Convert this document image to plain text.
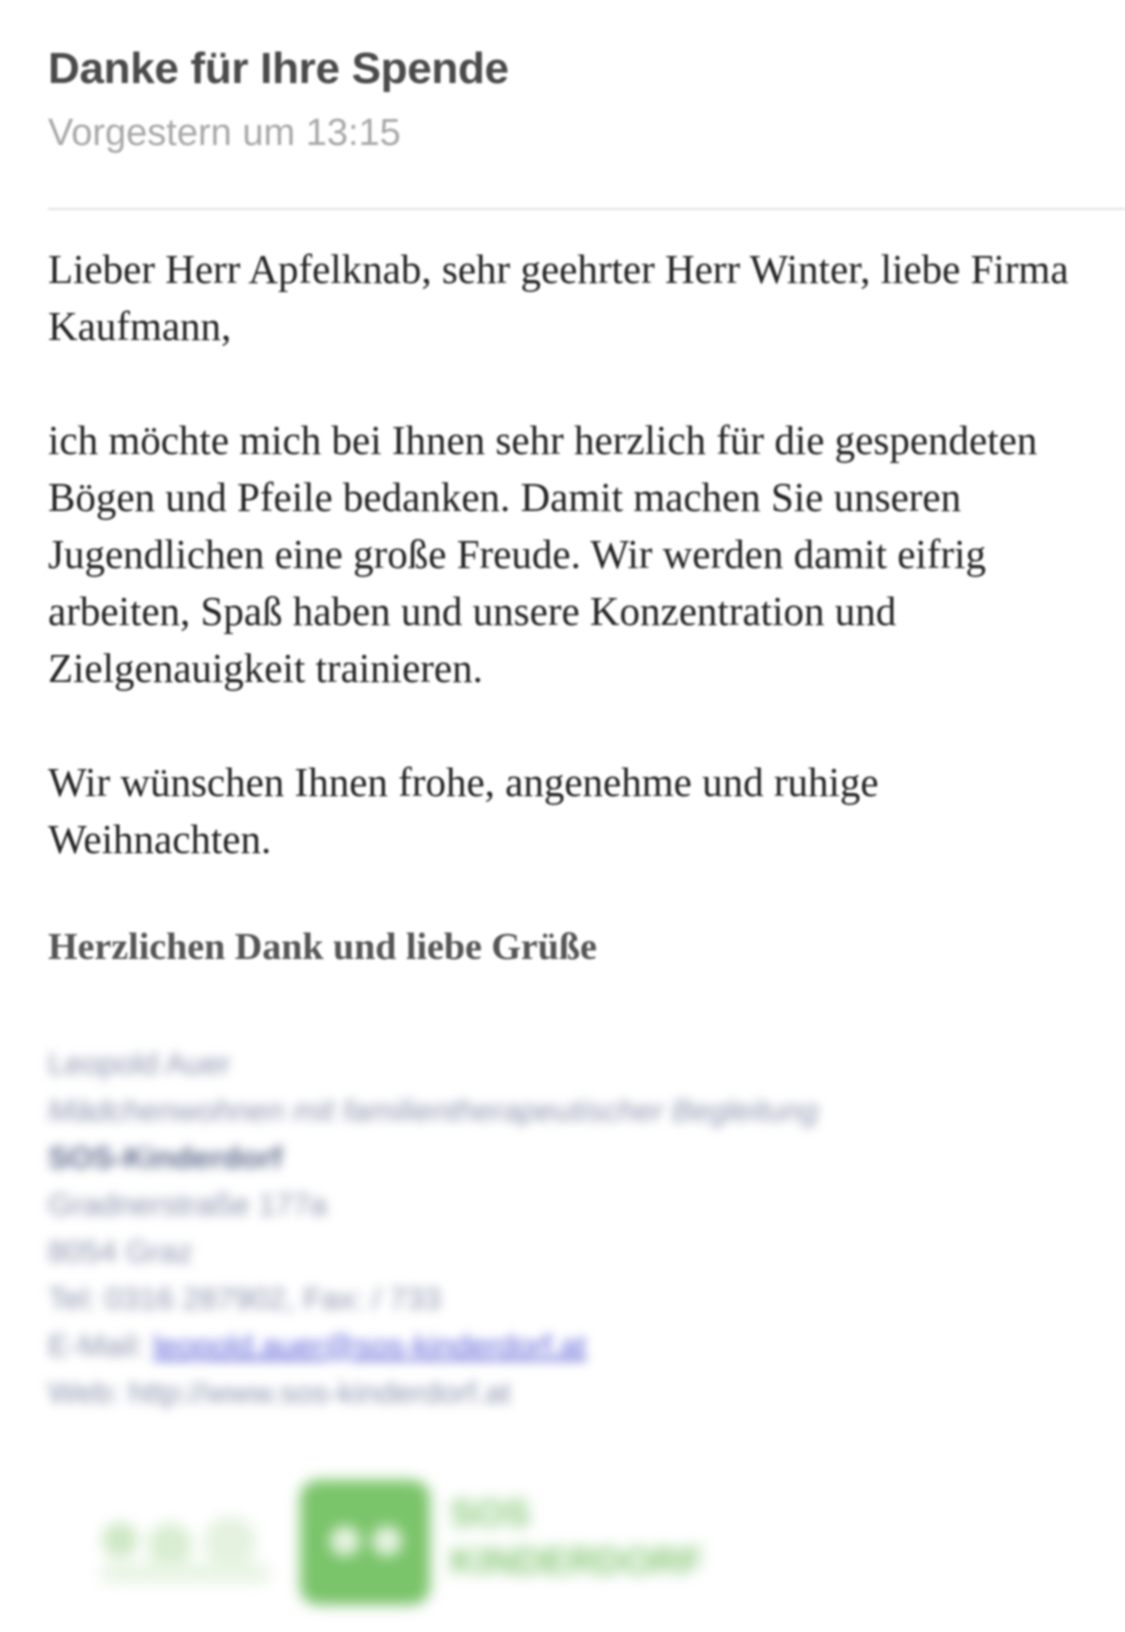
Danke für Ihre Spende
Vorgestern um 13:15
Lieber Herr Apfelknab, sehr geehrter Herr Winter, liebe Firma Kaufmann,
ich möchte mich bei Ihnen sehr herzlich für die gespendeten Bögen und Pfeile bedanken. Damit machen Sie unseren Jugendlichen eine große Freude. Wir werden damit eifrig arbeiten, Spaß haben und unsere Konzentration und Zielgenauigkeit trainieren.
Wir wünschen Ihnen frohe, angenehme und ruhige Weihnachten.
Herzlichen Dank und liebe Grüße
Leopold Auer
Mädchenwohnen mit familientherapeutischer Begleitung
SOS-Kinderdorf
Gradnerstraße 177a
8054 Graz
Tel: 0316 287902, Fax: / 733
E-Mail: leopold.auer@sos-kinderdorf.at
Web: http://www.sos-kinderdorf.at
SOS
KINDERDORF
